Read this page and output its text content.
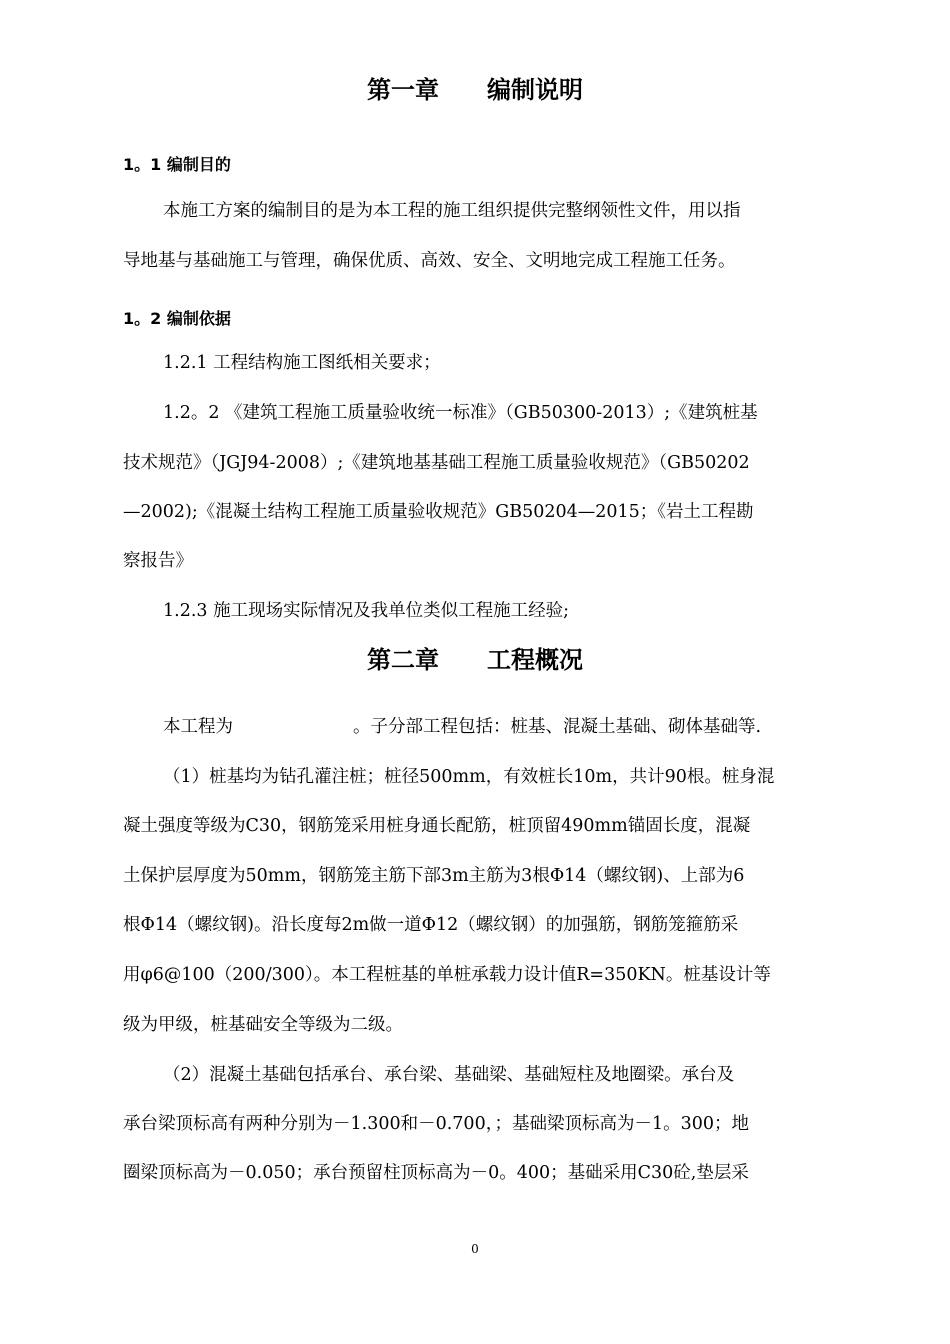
第一章 编制说明
1。1 编制目的
本施工方案的编制目的是为本工程的施工组织提供完整纲领性文件，用以指
导地基与基础施工与管理，确保优质、高效、安全、文明地完成工程施工任务。
1。2 编制依据
1.2.1 工程结构施工图纸相关要求；
1.2。2 《建筑工程施工质量验收统一标准》（GB50300-2013）;《建筑桩基
技术规范》（JGJ94-2008）;《建筑地基基础工程施工质量验收规范》（GB50202
—2002);《混凝土结构工程施工质量验收规范》GB50204—2015；《岩土工程勘
察报告》
1.2.3 施工现场实际情况及我单位类似工程施工经验;
第二章 工程概况
本工程为	。子分部工程包括：桩基、混凝土基础、砌体基础等.
（1）桩基均为钻孔灌注桩；桩径500mm，有效桩长10m，共计90根。桩身混
凝土强度等级为C30，钢筋笼采用桩身通长配筋，桩顶留490mm锚固长度，混凝
土保护层厚度为50mm，钢筋笼主筋下部3m主筋为3根Φ14（螺纹钢)、上部为6
根Φ14（螺纹钢)。沿长度每2m做一道Φ12（螺纹钢）的加强筋，钢筋笼箍筋采
用φ6@100（200/300）。本工程桩基的单桩承载力设计值R=350KN。桩基设计等
级为甲级，桩基础安全等级为二级。
（2）混凝土基础包括承台、承台梁、基础梁、基础短柱及地圈梁。承台及
承台梁顶标高有两种分别为－1.300和－0.700，；基础梁顶标高为－1。300；地
圈梁顶标高为－0.050；承台预留柱顶标高为－0。400；基础采用C30砼,垫层采
0
